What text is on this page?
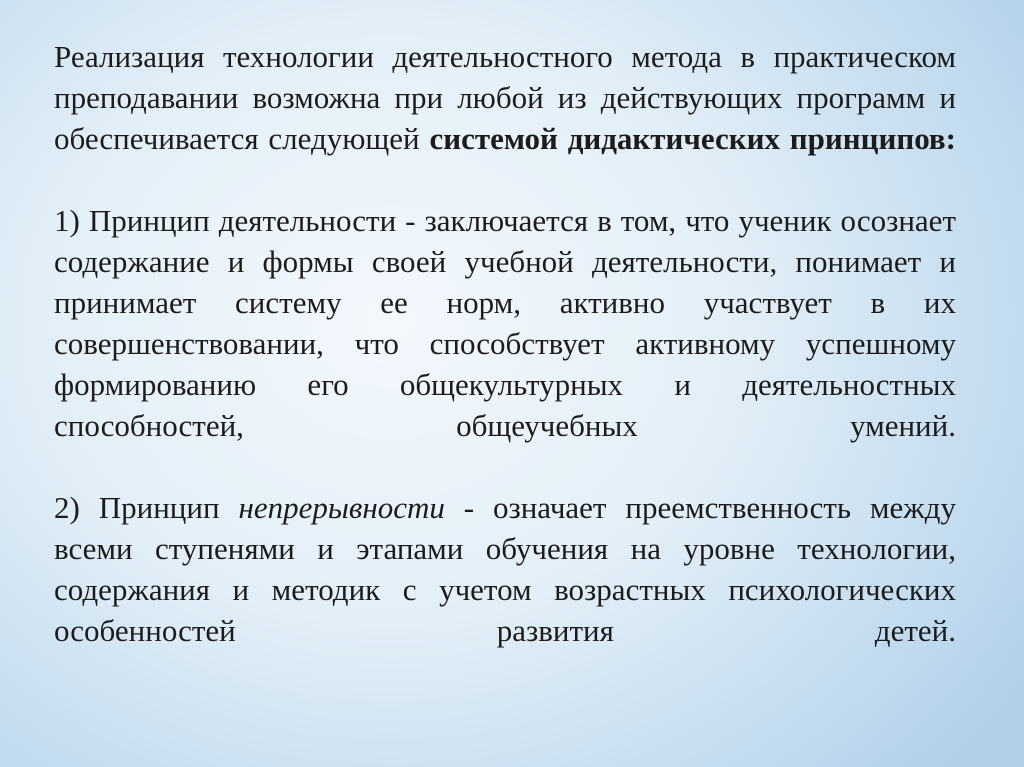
Реализация технологии деятельностного метода в практическом преподавании возможна при любой из действующих программ и обеспечивается следующей системой дидактических принципов:

1) Принцип деятельности - заключается в том, что ученик осознает содержание и формы своей учебной деятельности, понимает и принимает систему ее норм, активно участвует в их совершенствовании, что способствует активному успешному формированию его общекультурных и деятельностных способностей, общеучебных умений.

2) Принцип непрерывности - означает преемственность между всеми ступенями и этапами обучения на уровне технологии, содержания и методик с учетом возрастных психологических особенностей развития детей.
